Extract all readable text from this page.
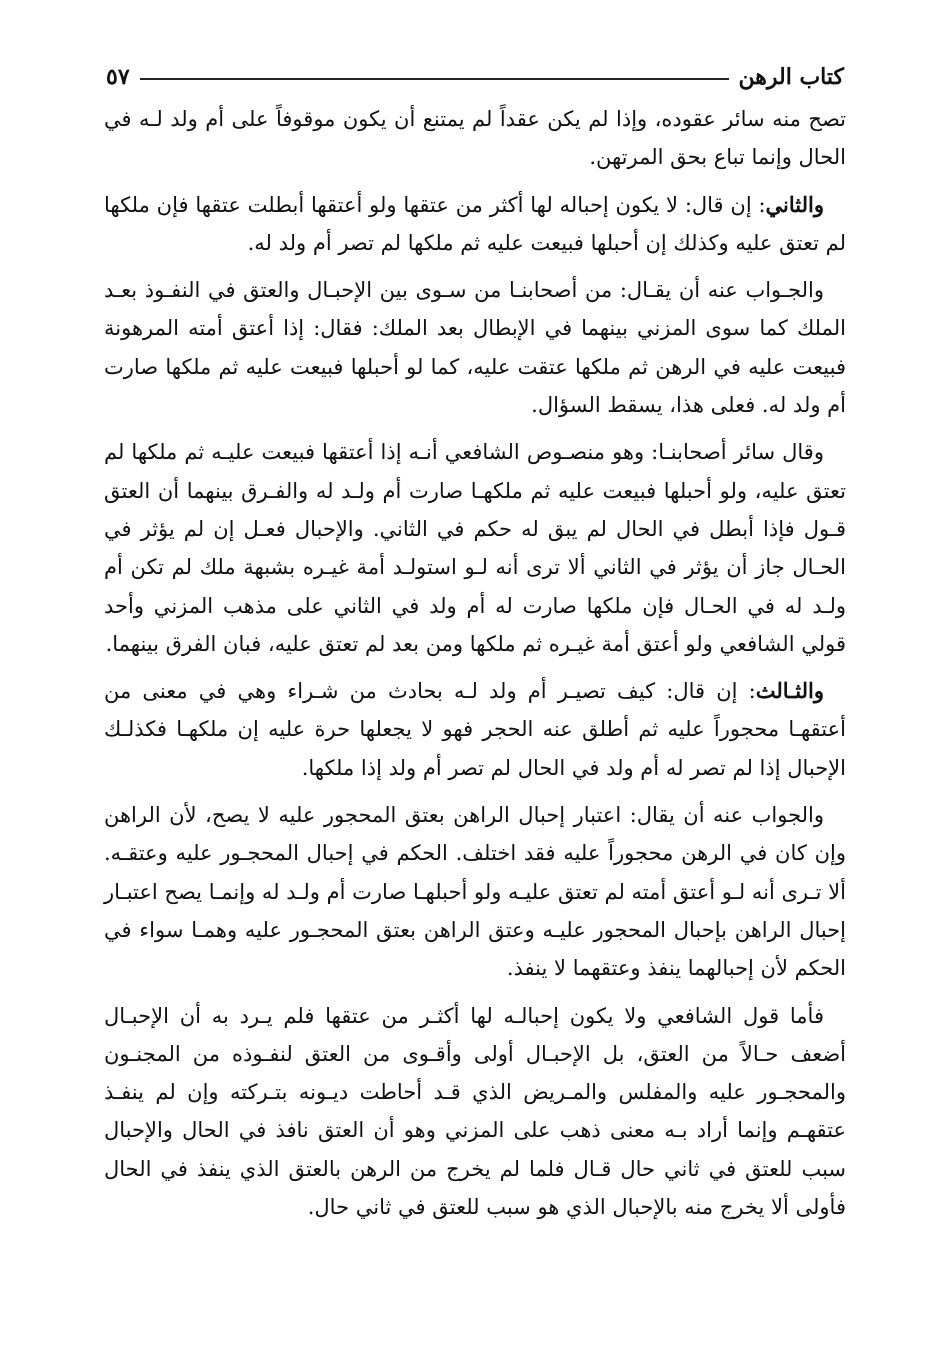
كتاب الرهن
٥٧

تصح منه سائر عقوده، وإذا لم يكن عقداً لم يمتنع أن يكون موقوفاً على أم ولد لـه في الحال وإنما تباع بحق المرتهن.

والثاني: إن قال: لا يكون إحباله لها أكثر من عتقها ولو أعتقها أبطلت عتقها فإن ملكها لم تعتق عليه وكذلك إن أحبلها فبيعت عليه ثم ملكها لم تصر أم ولد له.

والجـواب عنه أن يقـال: من أصحابنـا من سـوى بين الإحبـال والعتق في النفـوذ بعـد الملك كما سوى المزني بينهما في الإبطال بعد الملك: فقال: إذا أعتق أمته المرهونة فبيعت عليه في الرهن ثم ملكها عتقت عليه، كما لو أحبلها فبيعت عليه ثم ملكها صارت أم ولد له. فعلى هذا، يسقط السؤال.

وقال سائر أصحابنـا: وهو منصـوص الشافعي أنـه إذا أعتقها فبيعت عليـه ثم ملكها لم تعتق عليه، ولو أحبلها فبيعت عليه ثم ملكهـا صارت أم ولـد له والفـرق بينهما أن العتق قـول فإذا أبطل في الحال لم يبق له حكم في الثاني. والإحبال فعـل إن لم يؤثر في الحـال جاز أن يؤثر في الثاني ألا ترى أنه لـو استولـد أمة غيـره بشبهة ملك لم تكن أم ولـد له في الحـال فإن ملكها صارت له أم ولد في الثاني على مذهب المزني وأحد قولي الشافعي ولو أعتق أمة غيـره ثم ملكها ومن بعد لم تعتق عليه، فبان الفرق بينهما.

والثـالث: إن قال: كيف تصيـر أم ولد لـه بحادث من شـراء وهي في معنى من أعتقهـا محجوراً عليه ثم أطلق عنه الحجر فهو لا يجعلها حرة عليه إن ملكهـا فكذلـك الإحبال إذا لم تصر له أم ولد في الحال لم تصر أم ولد إذا ملكها.

والجواب عنه أن يقال: اعتبار إحبال الراهن بعتق المحجور عليه لا يصح، لأن الراهن وإن كان في الرهن محجوراً عليه فقد اختلف. الحكم في إحبال المحجـور عليه وعتقـه. ألا تـرى أنه لـو أعتق أمته لم تعتق عليـه ولو أحبلهـا صارت أم ولـد له وإنمـا يصح اعتبـار إحبال الراهن بإحبال المحجور عليـه وعتق الراهن بعتق المحجـور عليه وهمـا سواء في الحكم لأن إحبالهما ينفذ وعتقهما لا ينفذ.

فأما قول الشافعي ولا يكون إحبالـه لها أكثـر من عتقها فلم يـرد به أن الإحبـال أضعف حـالاً من العتق، بل الإحبـال أولى وأقـوى من العتق لنفـوذه من المجنـون والمحجـور عليه والمفلس والمـريض الذي قـد أحاطت ديـونه بتـركته وإن لم ينفـذ عتقهـم وإنما أراد بـه معنى ذهب على المزني وهو أن العتق نافذ في الحال والإحبال سبب للعتق في ثاني حال قـال فلما لم يخرج من الرهن بالعتق الذي ينفذ في الحال فأولى ألا يخرج منه بالإحبال الذي هو سبب للعتق في ثاني حال.
